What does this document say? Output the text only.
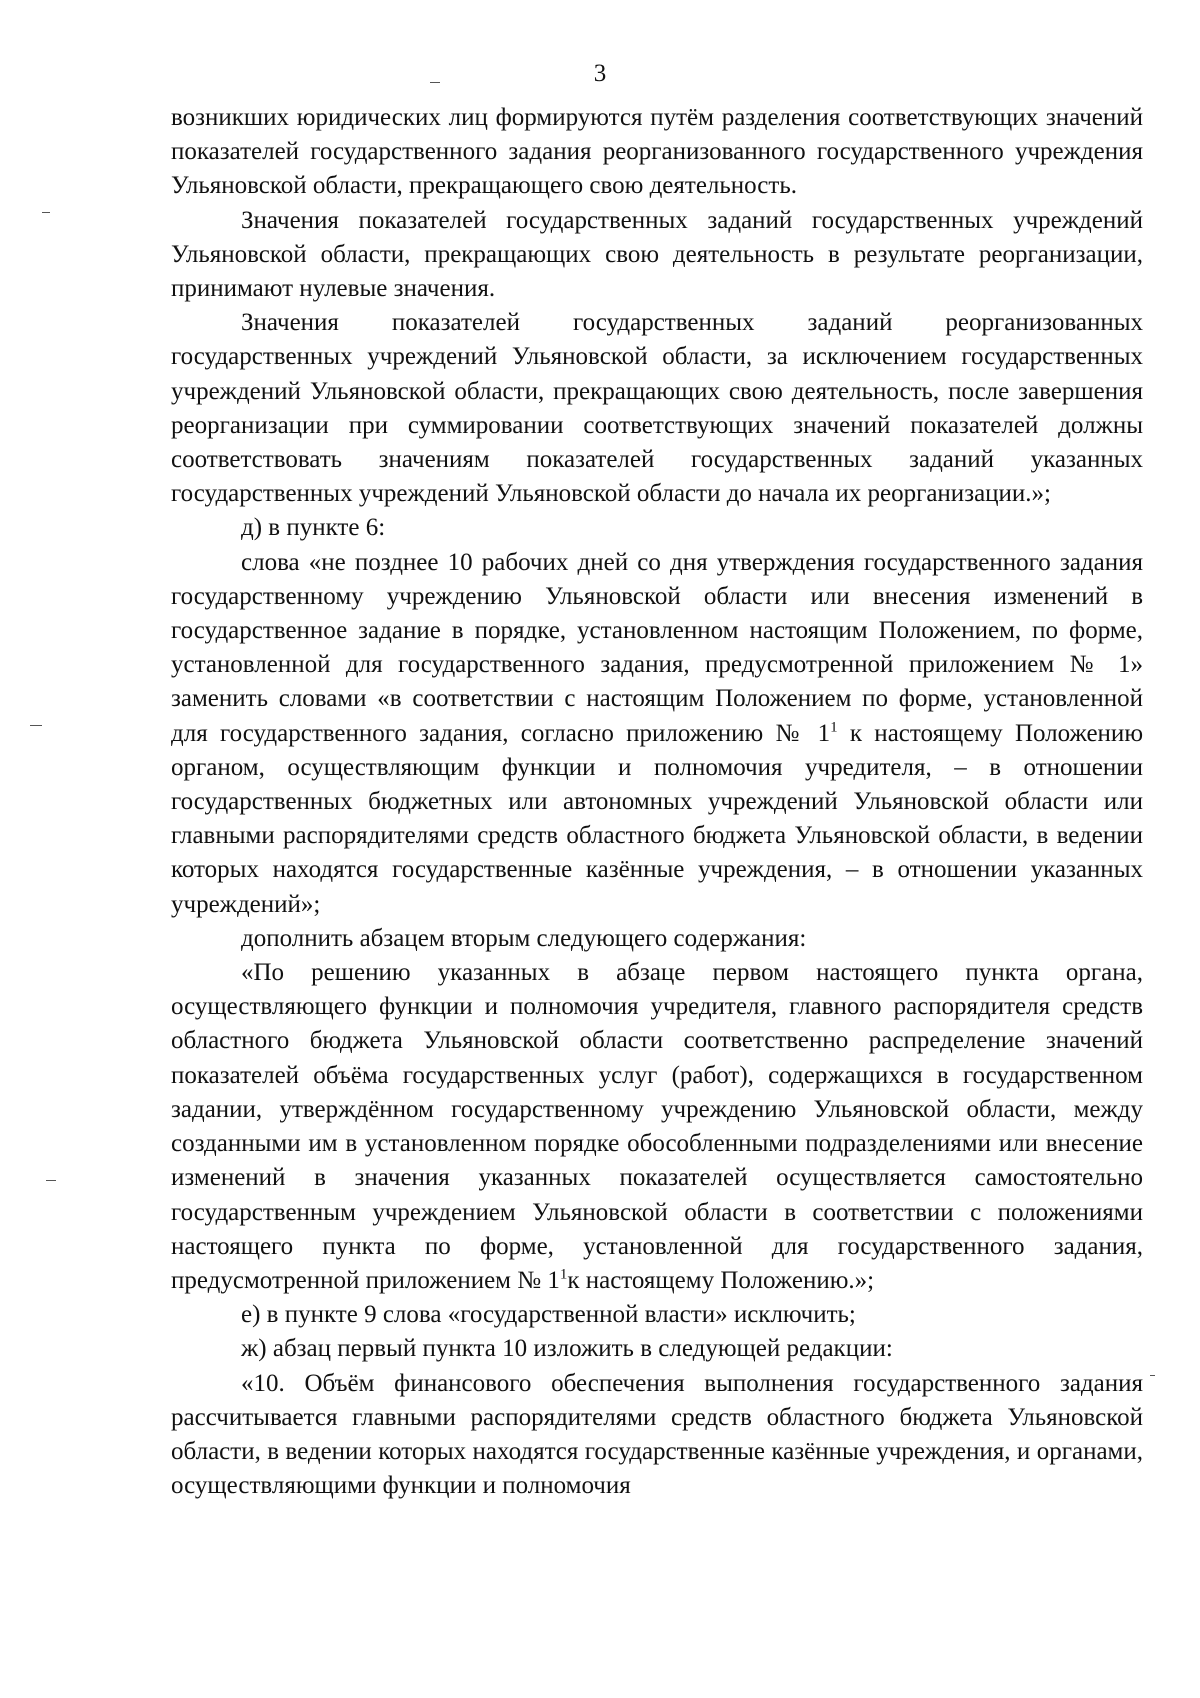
3

возникших юридических лиц формируются путём разделения соответствующих значений показателей государственного задания реорганизованного государственного учреждения Ульяновской области, прекращающего свою деятельность.

Значения показателей государственных заданий государственных учреждений Ульяновской области, прекращающих свою деятельность в результате реорганизации, принимают нулевые значения.

Значения показателей государственных заданий реорганизованных государственных учреждений Ульяновской области, за исключением государственных учреждений Ульяновской области, прекращающих свою деятельность, после завершения реорганизации при суммировании соответствующих значений показателей должны соответствовать значениям показателей государственных заданий указанных государственных учреждений Ульяновской области до начала их реорганизации.»;

д) в пункте 6:

слова «не позднее 10 рабочих дней со дня утверждения государственного задания государственному учреждению Ульяновской области или внесения изменений в государственное задание в порядке, установленном настоящим Положением, по форме, установленной для государственного задания, предусмотренной приложением № 1» заменить словами «в соответствии с настоящим Положением по форме, установленной для государственного задания, согласно приложению № $1^1$ к настоящему Положению органом, осуществляющим функции и полномочия учредителя, – в отношении государственных бюджетных или автономных учреждений Ульяновской области или главными распорядителями средств областного бюджета Ульяновской области, в ведении которых находятся государственные казённые учреждения, – в отношении указанных учреждений»;

дополнить абзацем вторым следующего содержания:

«По решению указанных в абзаце первом настоящего пункта органа, осуществляющего функции и полномочия учредителя, главного распорядителя средств областного бюджета Ульяновской области соответственно распределение значений показателей объёма государственных услуг (работ), содержащихся в государственном задании, утверждённом государственному учреждению Ульяновской области, между созданными им в установленном порядке обособленными подразделениями или внесение изменений в значения указанных показателей осуществляется самостоятельно государственным учреждением Ульяновской области в соответствии с положениями настоящего пункта по форме, установленной для государственного задания, предусмотренной приложением № $1^1к$ настоящему Положению.»;

е) в пункте 9 слова «государственной власти» исключить;

ж) абзац первый пункта 10 изложить в следующей редакции:

«10. Объём финансового обеспечения выполнения государственного задания рассчитывается главными распорядителями средств областного бюджета Ульяновской области, в ведении которых находятся государственные казённые учреждения, и органами, осуществляющими функции и полномочия
